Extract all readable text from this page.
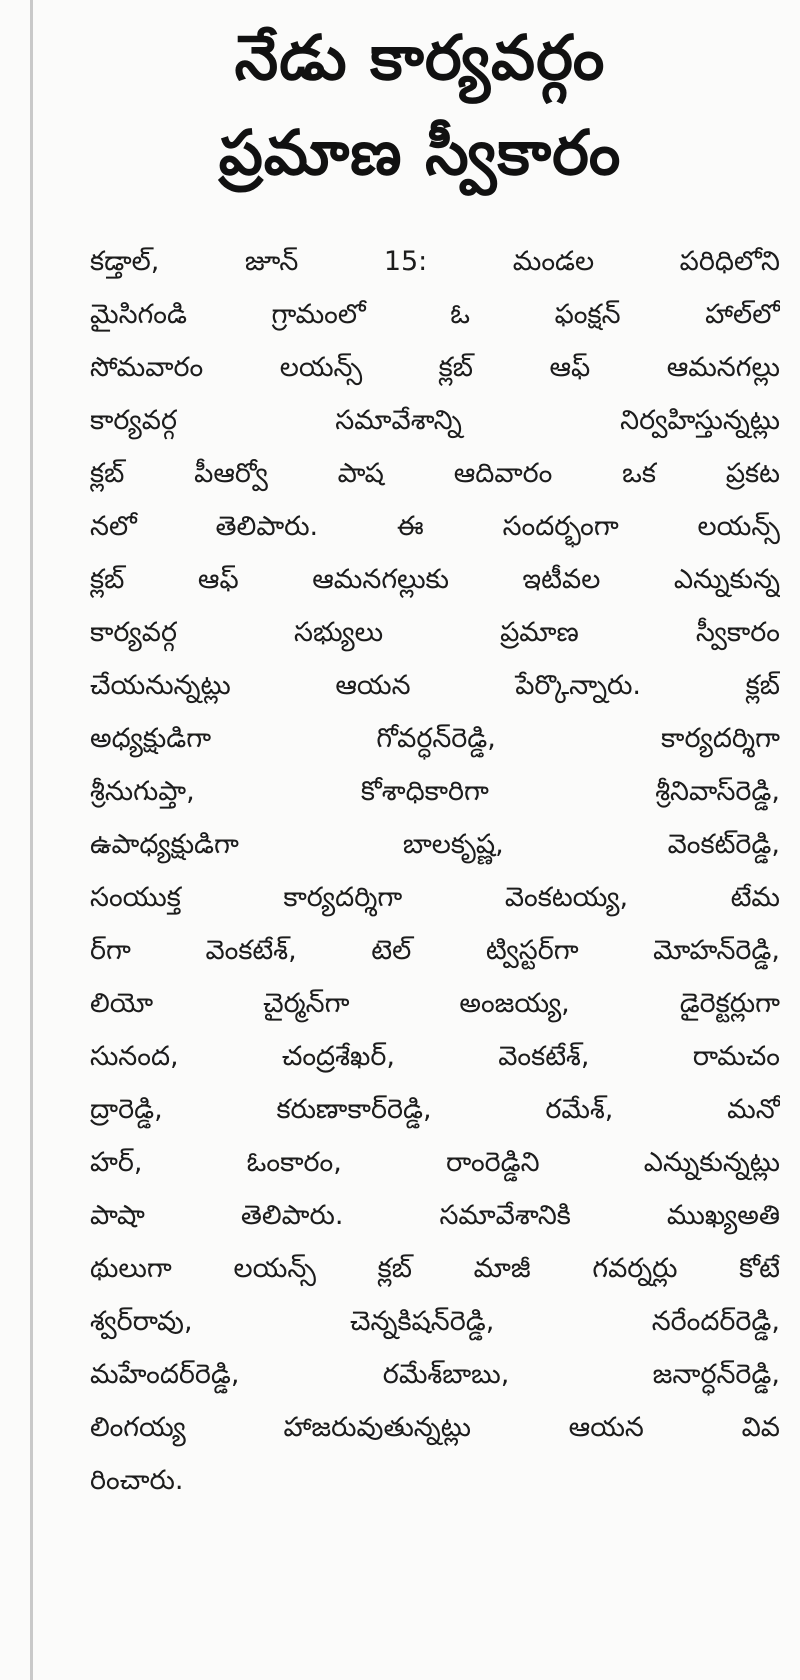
నేడు కార్యవర్గం
ప్రమాణ స్వీకారం
కడ్తాల్, జూన్ 15: మండల పరిధిలోని
మైసిగండి గ్రామంలో ఓ ఫంక్షన్ హాల్‌లో
సోమవారం లయన్స్ క్లబ్ ఆఫ్ ఆమనగల్లు
కార్యవర్గ సమావేశాన్ని నిర్వహిస్తున్నట్లు
క్లబ్ పీఆర్వో పాష ఆదివారం ఒక ప్రకట
నలో తెలిపారు. ఈ సందర్భంగా లయన్స్
క్లబ్ ఆఫ్ ఆమనగల్లుకు ఇటీవల ఎన్నుకున్న
కార్యవర్గ సభ్యులు ప్రమాణ స్వీకారం
చేయనున్నట్లు ఆయన పేర్కొన్నారు. క్లబ్
అధ్యక్షుడిగా గోవర్ధన్‌రెడ్డి, కార్యదర్శిగా
శ్రీనుగుప్తా, కోశాధికారిగా శ్రీనివాస్‌రెడ్డి,
ఉపాధ్యక్షుడిగా బాలకృష్ణ, వెంకట్‌రెడ్డి,
సంయుక్త కార్యదర్శిగా వెంకటయ్య, టేమ
ర్‌గా వెంకటేశ్, టెల్ ట్విస్టర్‌గా మోహన్‌రెడ్డి,
లియో చైర్మన్‌గా అంజయ్య, డైరెక్టర్లుగా
సునంద, చంద్రశేఖర్, వెంకటేశ్, రామచం
ద్రారెడ్డి, కరుణాకార్‌రెడ్డి, రమేశ్, మనో
హర్, ఓంకారం, రాంరెడ్డిని ఎన్నుకున్నట్లు
పాషా తెలిపారు. సమావేశానికి ముఖ్యఅతి
థులుగా లయన్స్ క్లబ్ మాజీ గవర్నర్లు కోటే
శ్వర్‌రావు, చెన్నకిషన్‌రెడ్డి, నరేందర్‌రెడ్డి,
మహేందర్‌రెడ్డి, రమేశ్‌బాబు, జనార్ధన్‌రెడ్డి,
లింగయ్య హాజరువుతున్నట్లు ఆయన వివ
రించారు.
